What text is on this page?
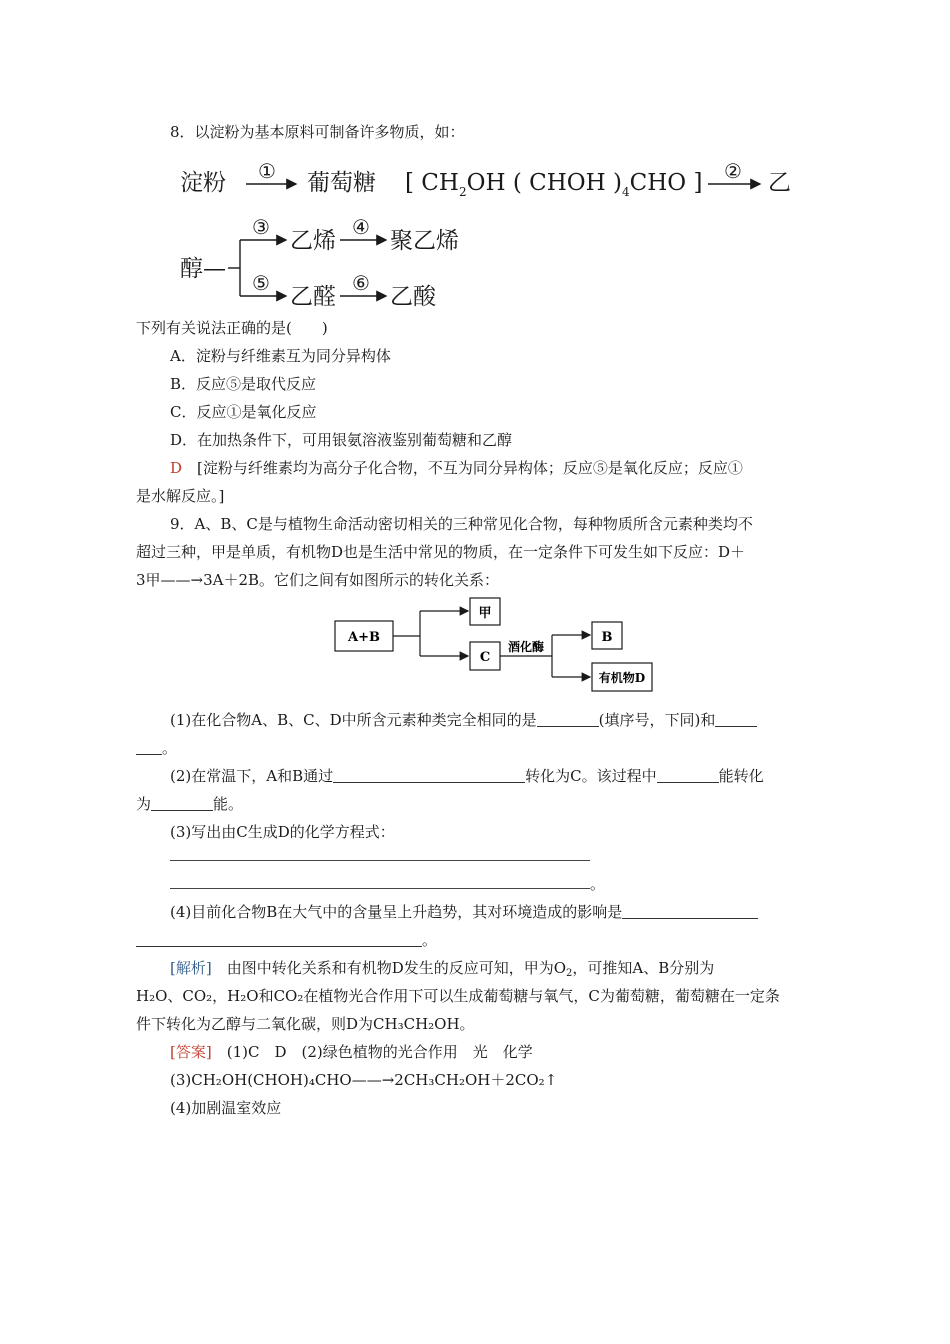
8．以淀粉为基本原料可制备许多物质，如：
淀粉	葡萄糖 [ $CH_2OH$ ( CHOH )$_4CHO$ ]	乙
醇—
乙烯 聚乙烯
乙醛 乙酸
①	②
③	④
⑤	⑥
下列有关说法正确的是(　　)
A．淀粉与纤维素互为同分异构体
B．反应⑤是取代反应
C．反应①是氧化反应
D．在加热条件下，可用银氨溶液鉴别葡萄糖和乙醇
D　 [淀粉与纤维素均为高分子化合物，不互为同分异构体；反应⑤是氧化反应；反应①
是水解反应。]
9．A、B、C是与植物生命活动密切相关的三种常见化合物，每种物质所含元素种类均不
超过三种，甲是单质，有机物D也是生活中常见的物质，在一定条件下可发生如下反应：D＋
3甲——→3A＋2B。它们之间有如图所示的转化关系：
A+B
甲
C
酒化酶
B
有机物D
(1)在化合物A、B、C、D中所含元素种类完全相同的是	(填序号，下同)和
。
(2)在常温下，A和B通过	转化为C。该过程中	能转化
为	能。
(3)写出由C生成D的化学方程式：
。
(4)目前化合物B在大气中的含量呈上升趋势，其对环境造成的影响是
。
[解析]　由图中转化关系和有机物D发生的反应可知，甲为$O_2$，可推知A、B分别为
H₂O、CO₂，H₂O和CO₂在植物光合作用下可以生成葡萄糖与氧气，C为葡萄糖，葡萄糖在一定条
件下转化为乙醇与二氧化碳，则D为CH₃CH₂OH。
[答案]　(1)C　D　(2)绿色植物的光合作用　光　化学
(3)CH₂OH(CHOH)₄CHO——→2CH₃CH₂OH＋2CO₂↑
(4)加剧温室效应
